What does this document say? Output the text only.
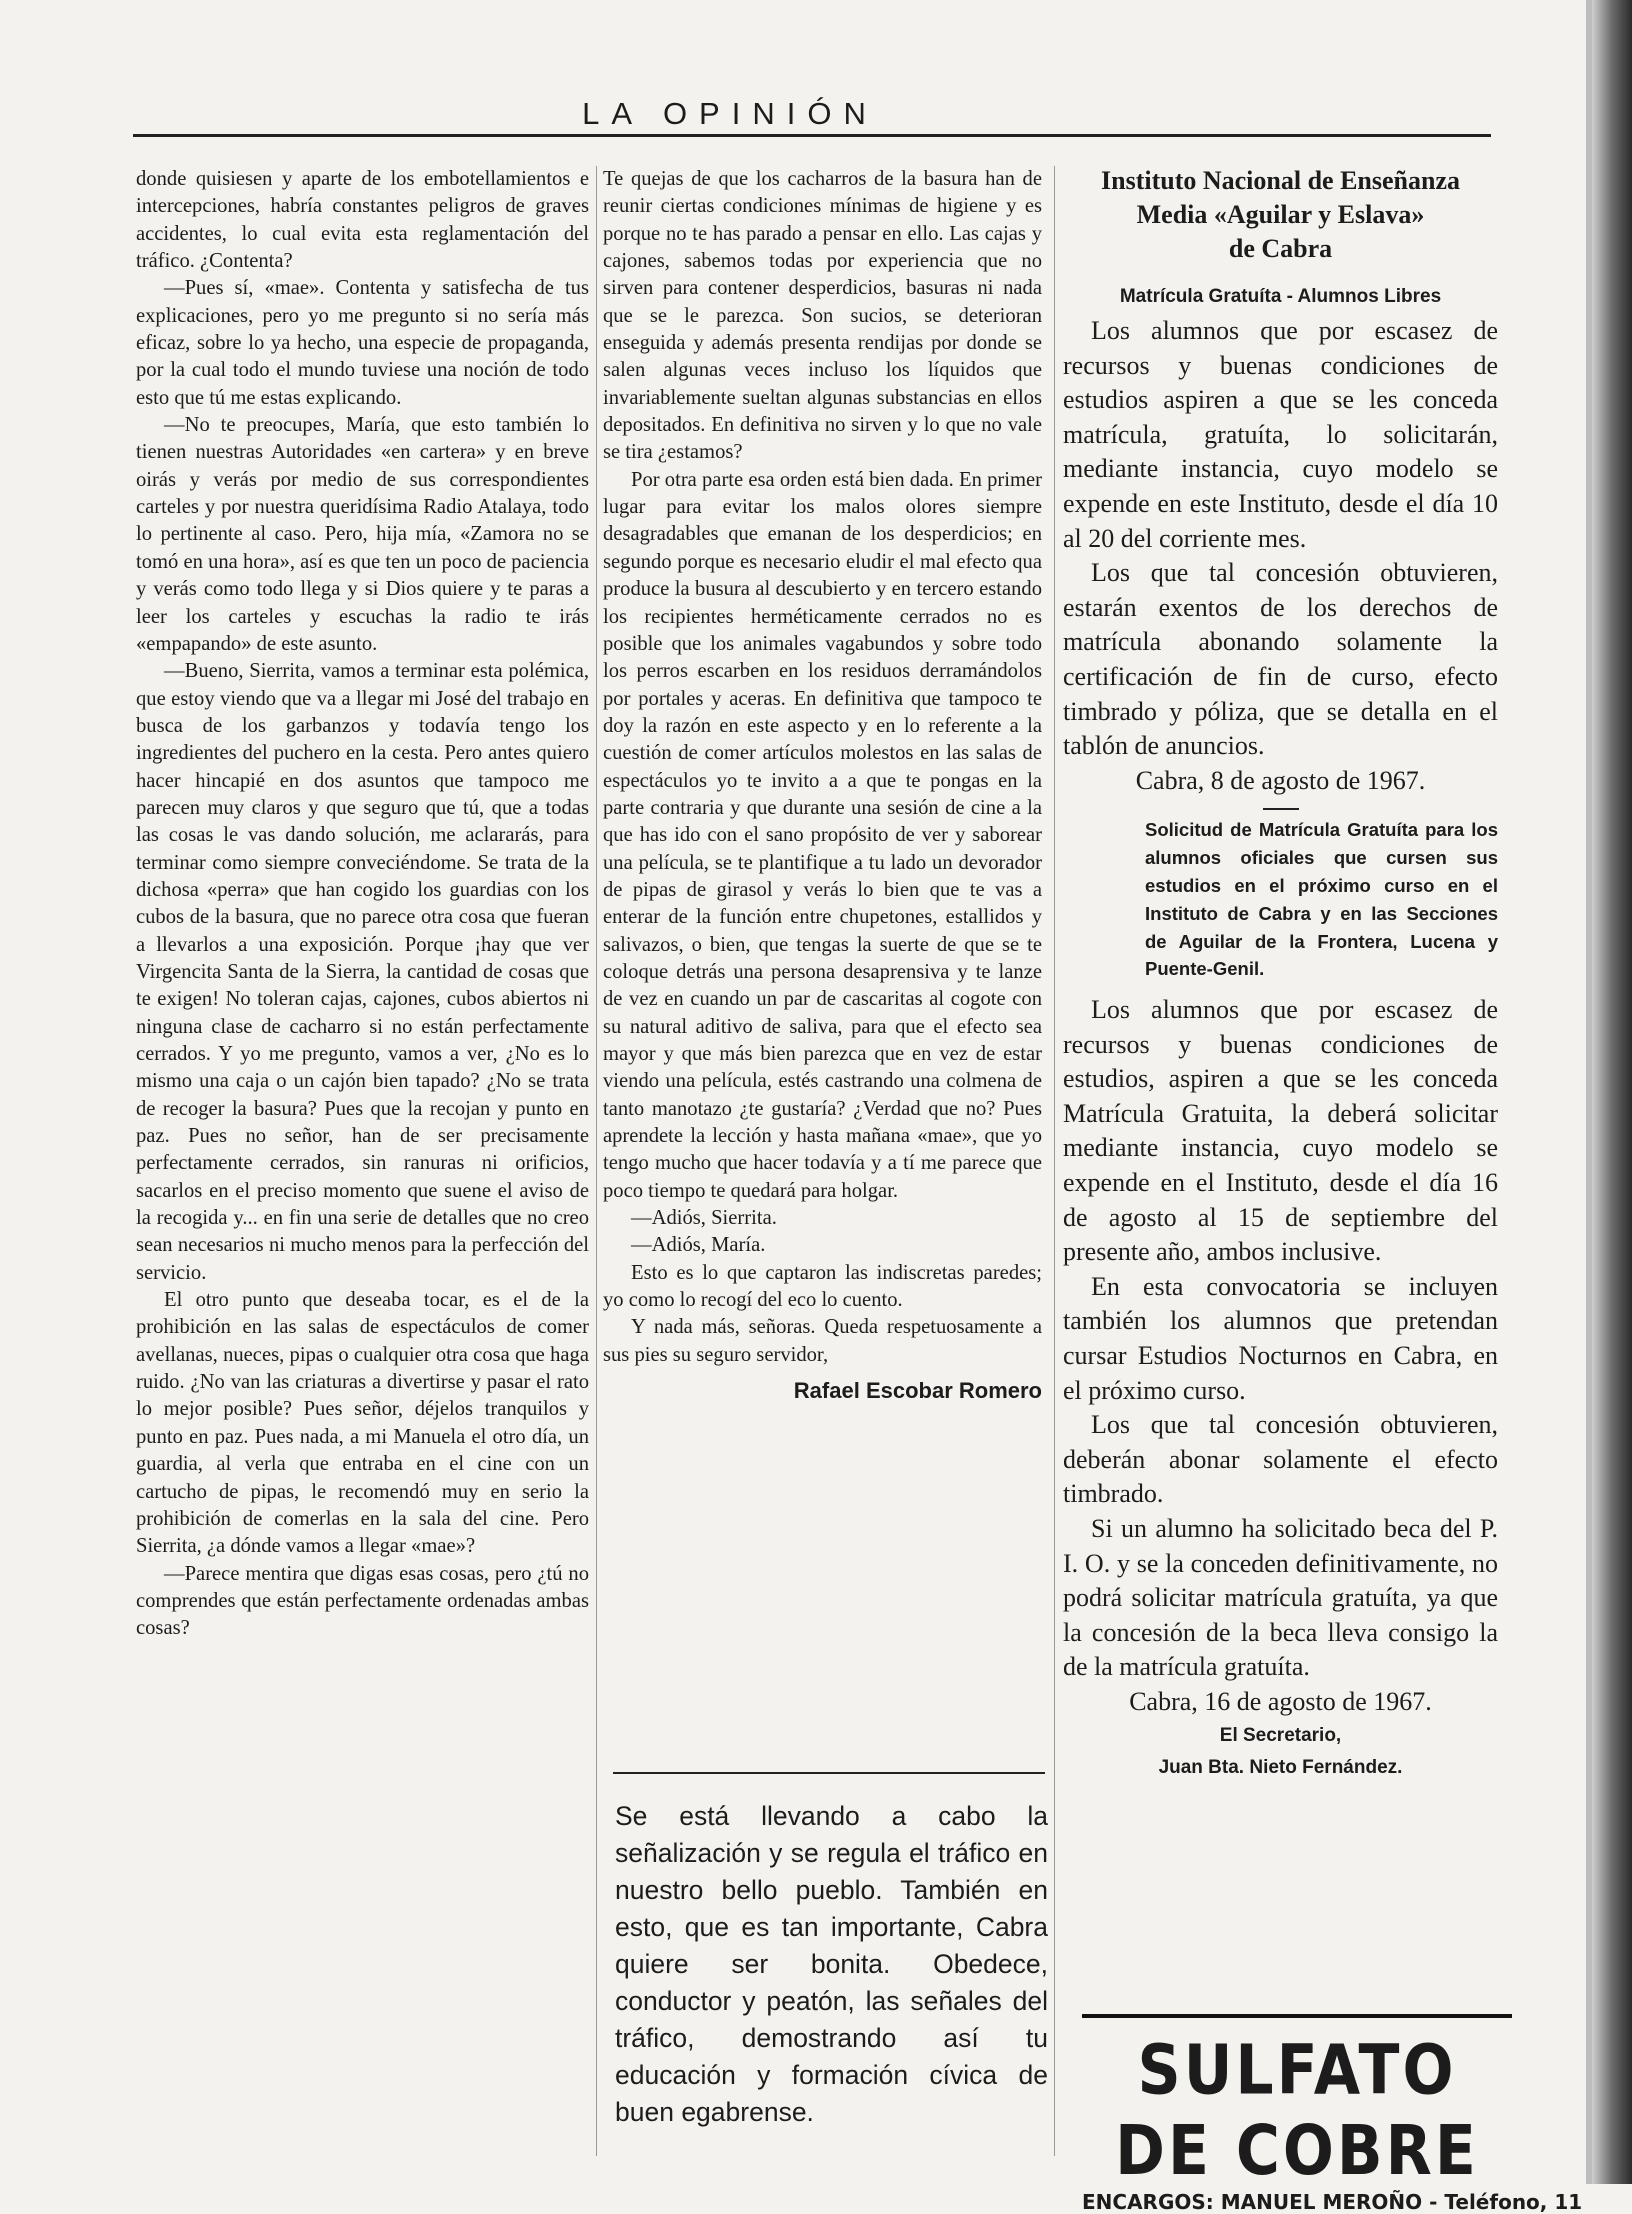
LA OPINIÓN

donde quisiesen y aparte de los embotellamientos e intercepciones, habría constantes peligros de graves accidentes, lo cual evita esta reglamentación del tráfico. ¿Contenta?

—Pues sí, «mae». Contenta y satisfecha de tus explicaciones, pero yo me pregunto si no sería más eficaz, sobre lo ya hecho, una especie de propaganda, por la cual todo el mundo tuviese una noción de todo esto que tú me estas explicando.

—No te preocupes, María, que esto también lo tienen nuestras Autoridades «en cartera» y en breve oirás y verás por medio de sus correspondientes carteles y por nuestra queridísima Radio Atalaya, todo lo pertinente al caso. Pero, hija mía, «Zamora no se tomó en una hora», así es que ten un poco de paciencia y verás como todo llega y si Dios quiere y te paras a leer los carteles y escuchas la radio te irás «empapando» de este asunto.

—Bueno, Sierrita, vamos a terminar esta polémica, que estoy viendo que va a llegar mi José del trabajo en busca de los garbanzos y todavía tengo los ingredientes del puchero en la cesta. Pero antes quiero hacer hincapié en dos asuntos que tampoco me parecen muy claros y que seguro que tú, que a todas las cosas le vas dando solución, me aclararás, para terminar como siempre conveciéndome. Se trata de la dichosa «perra» que han cogido los guardias con los cubos de la basura, que no parece otra cosa que fueran a llevarlos a una exposición. Porque ¡hay que ver Virgencita Santa de la Sierra, la cantidad de cosas que te exigen! No toleran cajas, cajones, cubos abiertos ni ninguna clase de cacharro si no están perfectamente cerrados. Y yo me pregunto, vamos a ver, ¿No es lo mismo una caja o un cajón bien tapado? ¿No se trata de recoger la basura? Pues que la recojan y punto en paz. Pues no señor, han de ser precisamente perfectamente cerrados, sin ranuras ni orificios, sacarlos en el preciso momento que suene el aviso de la recogida y... en fin una serie de detalles que no creo sean necesarios ni mucho menos para la perfección del servicio.

El otro punto que deseaba tocar, es el de la prohibición en las salas de espectáculos de comer avellanas, nueces, pipas o cualquier otra cosa que haga ruido. ¿No van las criaturas a divertirse y pasar el rato lo mejor posible? Pues señor, déjelos tranquilos y punto en paz. Pues nada, a mi Manuela el otro día, un guardia, al verla que entraba en el cine con un cartucho de pipas, le recomendó muy en serio la prohibición de comerlas en la sala del cine. Pero Sierrita, ¿a dónde vamos a llegar «mae»?

—Parece mentira que digas esas cosas, pero ¿tú no comprendes que están perfectamente ordenadas ambas cosas?

Te quejas de que los cacharros de la basura han de reunir ciertas condiciones mínimas de higiene y es porque no te has parado a pensar en ello. Las cajas y cajones, sabemos todas por experiencia que no sirven para contener desperdicios, basuras ni nada que se le parezca. Son sucios, se deterioran enseguida y además presenta rendijas por donde se salen algunas veces incluso los líquidos que invariablemente sueltan algunas substancias en ellos depositados. En definitiva no sirven y lo que no vale se tira ¿estamos?

Por otra parte esa orden está bien dada. En primer lugar para evitar los malos olores siempre desagradables que emanan de los desperdicios; en segundo porque es necesario eludir el mal efecto qua produce la busura al descubierto y en tercero estando los recipientes herméticamente cerrados no es posible que los animales vagabundos y sobre todo los perros escarben en los residuos derramándolos por portales y aceras. En definitiva que tampoco te doy la razón en este aspecto y en lo referente a la cuestión de comer artículos molestos en las salas de espectáculos yo te invito a a que te pongas en la parte contraria y que durante una sesión de cine a la que has ido con el sano propósito de ver y saborear una película, se te plantifique a tu lado un devorador de pipas de girasol y verás lo bien que te vas a enterar de la función entre chupetones, estallidos y salivazos, o bien, que tengas la suerte de que se te coloque detrás una persona desaprensiva y te lanze de vez en cuando un par de cascaritas al cogote con su natural aditivo de saliva, para que el efecto sea mayor y que más bien parezca que en vez de estar viendo una película, estés castrando una colmena de tanto manotazo ¿te gustaría? ¿Verdad que no? Pues aprendete la lección y hasta mañana «mae», que yo tengo mucho que hacer todavía y a tí me parece que poco tiempo te quedará para holgar.

—Adiós, Sierrita.

—Adiós, María.

Esto es lo que captaron las indiscretas paredes; yo como lo recogí del eco lo cuento.

Y nada más, señoras. Queda respetuosamente a sus pies su seguro servidor,

Rafael Escobar Romero
Se está llevando a cabo la señalización y se regula el tráfico en nuestro bello pueblo. También en esto, que es tan importante, Cabra quiere ser bonita. Obedece, conductor y peatón, las señales del tráfico, demostrando así tu educación y formación cívica de buen egabrense.
Instituto Nacional de Enseñanza
Media «Aguilar y Eslava»
de Cabra
Matrícula Gratuíta - Alumnos Libres

Los alumnos que por escasez de recursos y buenas condiciones de estudios aspiren a que se les conceda matrícula, gratuíta, lo solicitarán, mediante instancia, cuyo modelo se expende en este Instituto, desde el día 10 al 20 del corriente mes.

Los que tal concesión obtuvieren, estarán exentos de los derechos de matrícula abonando solamente la certificación de fin de curso, efecto timbrado y póliza, que se detalla en el tablón de anuncios.

Cabra, 8 de agosto de 1967.
Solicitud de Matrícula Gratuíta para los alumnos oficiales que cursen sus estudios en el próximo curso en el Instituto de Cabra y en las Secciones de Aguilar de la Frontera, Lucena y Puente-Genil.

Los alumnos que por escasez de recursos y buenas condiciones de estudios, aspiren a que se les conceda Matrícula Gratuita, la deberá solicitar mediante instancia, cuyo modelo se expende en el Instituto, desde el día 16 de agosto al 15 de septiembre del presente año, ambos inclusive.

En esta convocatoria se incluyen también los alumnos que pretendan cursar Estudios Nocturnos en Cabra, en el próximo curso.

Los que tal concesión obtuvieren, deberán abonar solamente el efecto timbrado.

Si un alumno ha solicitado beca del P. I. O. y se la conceden definitivamente, no podrá solicitar matrícula gratuíta, ya que la concesión de la beca lleva consigo la de la matrícula gratuíta.

Cabra, 16 de agosto de 1967.
El Secretario,
Juan Bta. Nieto Fernández.
SULFATO DE COBRE
ENCARGOS: MANUEL MEROÑO - Teléfono, 11
